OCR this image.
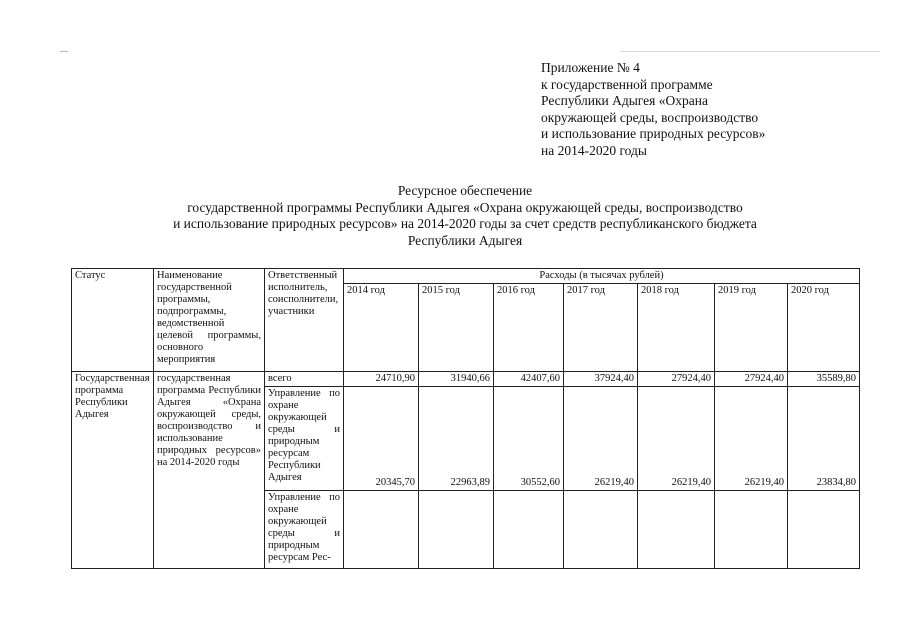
Приложение № 4
к государственной программе
Республики Адыгея «Охрана
окружающей среды, воспроизводство
и использование природных ресурсов»
на 2014-2020 годы
Ресурсное обеспечение
государственной программы Республики Адыгея «Охрана окружающей среды, воспроизводство
и использование природных ресурсов» на 2014-2020 годы за счет средств республиканского бюджета
Республики Адыгея
Статус	Наименование государственной программы, подпрограммы, ведомственной целевой программы, основного мероприятия	Ответственный исполнитель, соисполнители, участники	Расходы (в тысячах рублей)						
			2014 год	2015 год	2016 год	2017 год	2018 год	2019 год	2020 год
Государственная программа Республики Адыгея	государственная программа Республики Адыгея «Охрана окружающей среды, воспроизводство и использование природных ресурсов» на 2014-2020 годы	всего	24710,90	31940,66	42407,60	37924,40	27924,40	27924,40	35589,80
		Управление по охране окружающей среды и природным ресурсам Республики Адыгея	20345,70	22963,89	30552,60	26219,40	26219,40	26219,40	23834,80
		Управление по охране окружающей среды и природным ресурсам Рес-							
